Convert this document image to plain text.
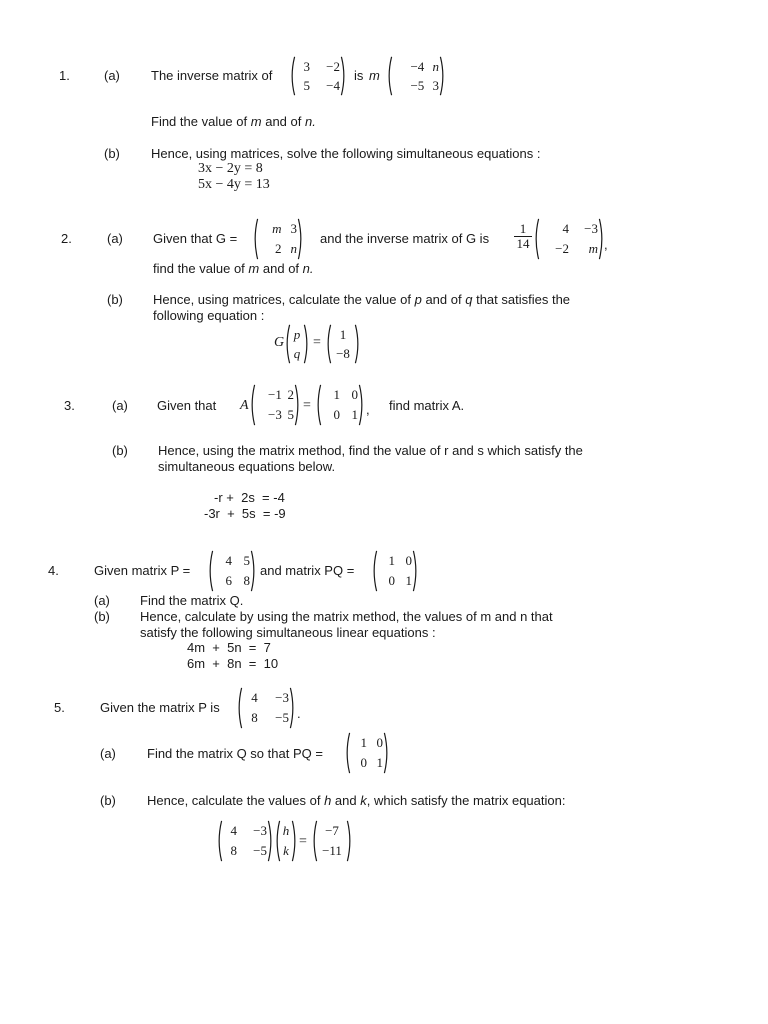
1.	(a) The inverse matrix of
3	−2
5	−4
is m
−4	n
−5	3
Find the value of m and of n.
(b) Hence, using matrices, solve the following simultaneous equations :
3x − 2y = 8
5x − 4y = 13
2.	(a) Given that G =
m	3
2	n
and the inverse matrix of G is
1
14
4	−3
−2	m ,
find the value of m and of n.
(b) Hence, using matrices, calculate the value of p and of q that satisfies the
following equation :
G
p
q
=
1
−8
3.	(a) Given that A
−1	2
−3	5
=
1	0
0	1 , find matrix A.
(b) Hence, using the matrix method, find the value of r and s which satisfy the
simultaneous equations below.
-r +  2s  = -4
-3r  +  5s  = -9
4.	Given matrix P =
4	5
6	8
and matrix PQ =
1	0
0	1
(a) Find the matrix Q.
(b) Hence, calculate by using the matrix method, the values of m and n that
satisfy the following simultaneous linear equations :
4m  +  5n  =  7
6m  +  8n  =  10
5.	Given the matrix P is
4	−3
8	−5 .
(a) Find the matrix Q so that PQ =
1	0
0	1
(b) Hence, calculate the values of h and k, which satisfy the matrix equation:
4	−3
8	−5
h
k
=
−7
−11
